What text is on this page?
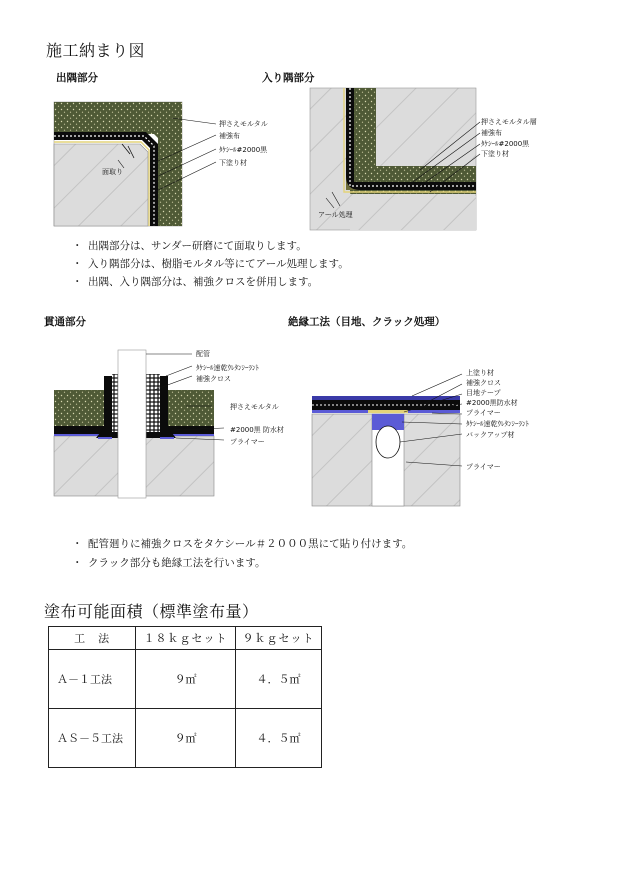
施工納まり図
出隅部分	入り隅部分
押さえモルタル
補強布
ﾀｹｼｰﾙ#2000黒
下塗り材
面取り
押さえモルタル層
補強布
ﾀｹｼｰﾙ#2000黒
下塗り材
アール処理
・ 出隅部分は、サンダー研磨にて面取りします。
・ 入り隅部分は、樹脂モルタル等にてアール処理します。
・ 出隅、入り隅部分は、補強クロスを併用します。
貫通部分	絶縁工法（目地、クラック処理）
配管
ﾀｹｼｰﾙ速乾ｳﾚﾀﾝｼｰﾗﾝﾄ
補強クロス
押さえモルタル
#2000黒 防水材
プライマー
上塗り材
補強クロス
目地テープ
#2000黒防水材
プライマー
ﾀｹｼｰﾙ速乾ｳﾚﾀﾝｼｰﾗﾝﾄ
バックアップ材
プライマー
・ 配管廻りに補強クロスをタケシール＃２０００黒にて貼り付けます。
・ クラック部分も絶縁工法を行います。
塗布可能面積（標準塗布量）
工　法	１８ｋｇセット	９ｋｇセット
Ａ－１工法	９㎡	４．５㎡
ＡＳ－５工法	９㎡	４．５㎡
